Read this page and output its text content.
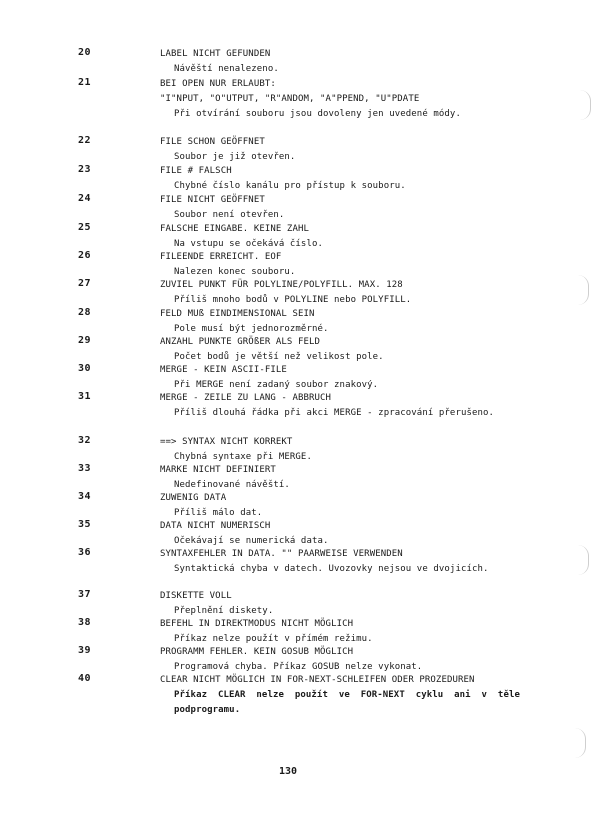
20	LABEL NICHT GEFUNDEN
Návěští nenalezeno.
21	BEI OPEN NUR ERLAUBT:
"I"NPUT, "O"UTPUT, "R"ANDOM, "A"PPEND, "U"PDATE
Při otvírání souboru jsou dovoleny jen uvedené módy.
22	FILE SCHON GEÖFFNET
Soubor je již otevřen.
23	FILE # FALSCH
Chybné číslo kanálu pro přístup k souboru.
24	FILE NICHT GEÖFFNET
Soubor není otevřen.
25	FALSCHE EINGABE. KEINE ZAHL
Na vstupu se očekává číslo.
26	FILEENDE ERREICHT. EOF
Nalezen konec souboru.
27	ZUVIEL PUNKT FÜR POLYLINE/POLYFILL. MAX. 128
Příliš mnoho bodů v POLYLINE nebo POLYFILL.
28	FELD MUß EINDIMENSIONAL SEIN
Pole musí být jednorozměrné.
29	ANZAHL PUNKTE GRÖßER ALS FELD
Počet bodů je větší než velikost pole.
30	MERGE - KEIN ASCII-FILE
Při MERGE není zadaný soubor znakový.
31	MERGE - ZEILE ZU LANG - ABBRUCH
Příliš dlouhá řádka při akci MERGE - zpracování přerušeno.
32	==> SYNTAX NICHT KORREKT
Chybná syntaxe při MERGE.
33	MARKE NICHT DEFINIERT
Nedefinované návěští.
34	ZUWENIG DATA
Příliš málo dat.
35	DATA NICHT NUMERISCH
Očekávají se numerická data.
36	SYNTAXFEHLER IN DATA. "" PAARWEISE VERWENDEN
Syntaktická chyba v datech. Uvozovky nejsou ve dvojicích.
37	DISKETTE VOLL
Přeplnění diskety.
38	BEFEHL IN DIREKTMODUS NICHT MÖGLICH
Příkaz nelze použít v přímém režimu.
39	PROGRAMM FEHLER. KEIN GOSUB MÖGLICH
Programová chyba. Příkaz GOSUB nelze vykonat.
40	CLEAR NICHT MÖGLICH IN FOR-NEXT-SCHLEIFEN ODER PROZEDUREN
Příkaz CLEAR nelze použít ve FOR-NEXT cyklu ani v těle podprogramu.
130
